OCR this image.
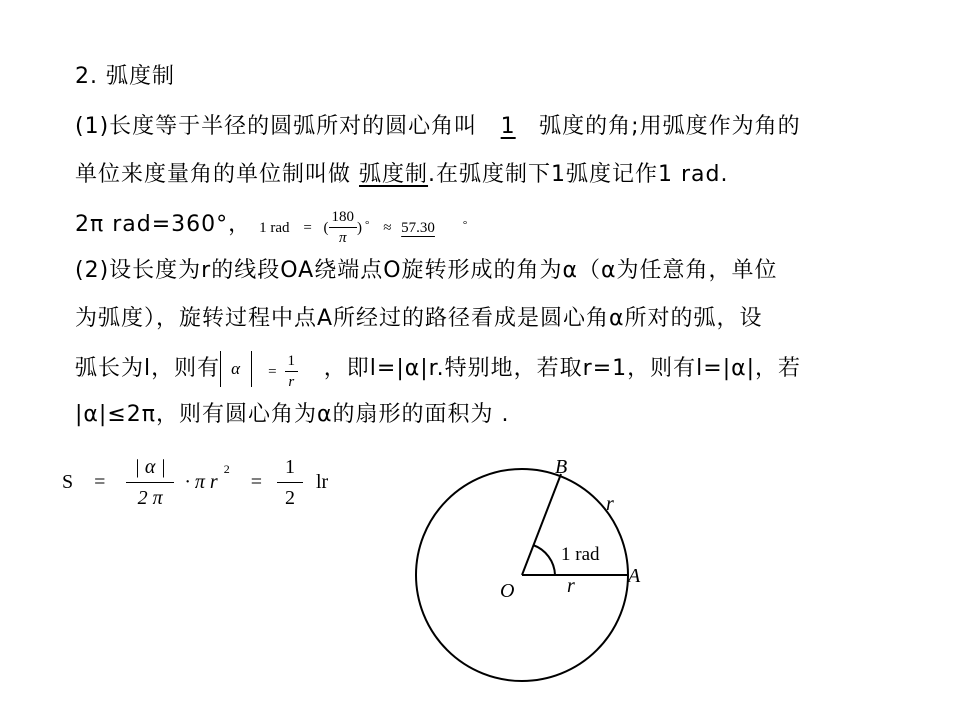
2. 弧度制
(1)长度等于半径的圆弧所对的圆心角叫 1 弧度的角;用弧度作为角的
单位来度量角的单位制叫做 弧度制.在弧度制下1弧度记作1 rad.
2π rad=360°， 1 rad = ( $\frac{180}{\pi}$ ) ° ≈ 57.30	°
(2)设长度为r的线段OA绕端点O旋转形成的角为α（α为任意角，单位
为弧度），旋转过程中点A所经过的路径看成是圆心角α所对的弧，设
弧长为l，则有 $\alpha = \frac{1}{r}$ ，即l=|α|r.特别地，若取r=1，则有l=|α|，若
|α|≤2π，则有圆心角为α的扇形的面积为 .
$S = \frac{| \alpha |}{2 \pi} \cdot \pi$ $r2 = \frac{1}{2}$ lr
B
r
1 rad
O	r	A
